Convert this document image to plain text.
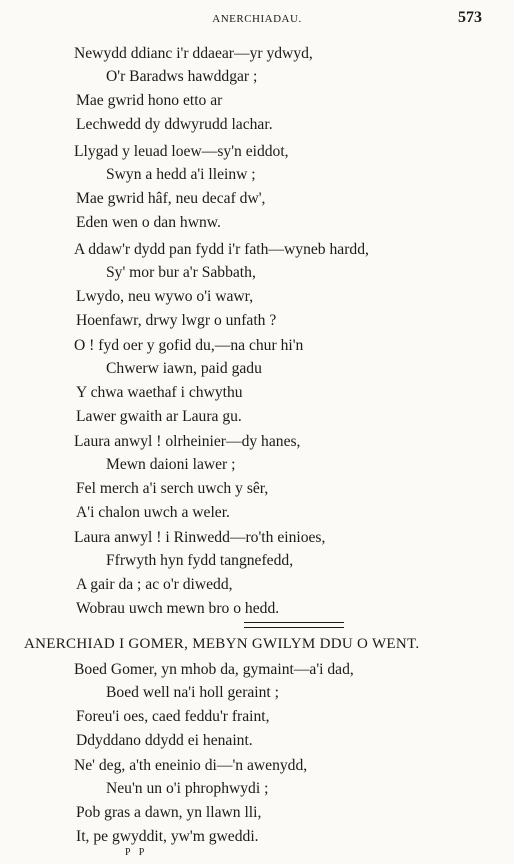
ANERCHIADAU.	573
Newydd ddianc i'r ddaear—yr ydwyd,
O'r Baradws hawddgar ;
Mae gwrid hono etto ar
Lechwedd dy ddwyrudd lachar.
Llygad y leuad loew—sy'n eiddot,
Swyn a hedd a'i lleinw ;
Mae gwrid hâf, neu decaf dw',
Eden wen o dan hwnw.
A ddaw'r dydd pan fydd i'r fath—wyneb hardd,
Sy' mor bur a'r Sabbath,
Lwydo, neu wywo o'i wawr,
Hoenfawr, drwy lwgr o unfath ?
O ! fyd oer y gofid du,—na chur hi'n
Chwerw iawn, paid gadu
Y chwa waethaf i chwythu
Lawer gwaith ar Laura gu.
Laura anwyl ! olrheinier—dy hanes,
Mewn daioni lawer ;
Fel merch a'i serch uwch y sêr,
A'i chalon uwch a weler.
Laura anwyl ! i Rinwedd—ro'th einioes,
Ffrwyth hyn fydd tangnefedd,
A gair da ; ac o'r diwedd,
Wobrau uwch mewn bro o hedd.
ANERCHIAD I GOMER, MEBYN GWILYM DDU O WENT.
Boed Gomer, yn mhob da, gymaint—a'i dad,
Boed well na'i holl geraint ;
Foreu'i oes, caed feddu'r fraint,
Ddyddano ddydd ei henaint.
Ne' deg, a'th eneinio di—'n awenydd,
Neu'n un o'i phrophwydi ;
Pob gras a dawn, yn llawn lli,
It, pe gwyddit, yw'm gweddi.
P P
